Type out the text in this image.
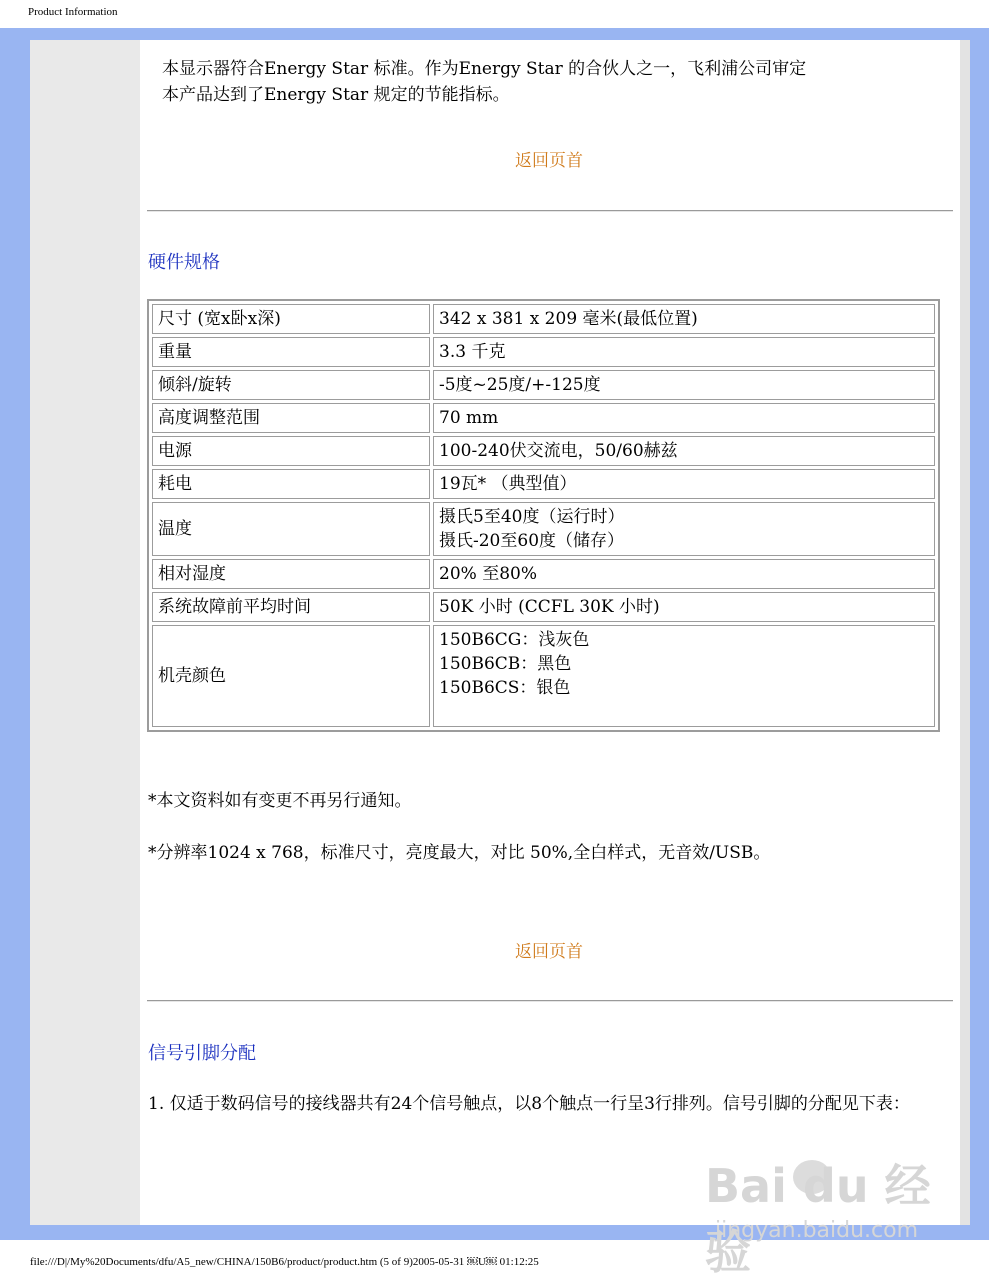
Product Information
本显示器符合Energy Star 标准。作为Energy Star 的合伙人之一，飞利浦公司审定
本产品达到了Energy Star 规定的节能指标。
返回页首
硬件规格
尺寸 (宽x卧x深)	342 x 381 x 209 毫米(最低位置)
重量	3.3 千克
倾斜/旋转	-5度~25度/+-125度
高度调整范围	70 mm
电源	100-240伏交流电，50/60赫兹
耗电	19瓦* （典型值）
温度	摄氏5至40度（运行时）
摄氏-20至60度（储存）
相对湿度	20% 至80%
系统故障前平均时间	50K 小时 (CCFL 30K 小时)
机壳颜色	150B6CG：浅灰色
150B6CB：黑色
150B6CS：银色
*本文资料如有变更不再另行通知。
*分辨率1024 x 768，标准尺寸，亮度最大，对比 50%,全白样式，无音效/USB。
返回页首
信号引脚分配
1. 仅适于数码信号的接线器共有24个信号触点，以8个触点一行呈3行排列。信号引脚的分配见下表：
Bai du 经验
jingyan.baidu.com
file:///D|/My%20Documents/dfu/A5_new/CHINA/150B6/product/product.htm (5 of 9)2005-05-31 ￼U￼ 01:12:25
